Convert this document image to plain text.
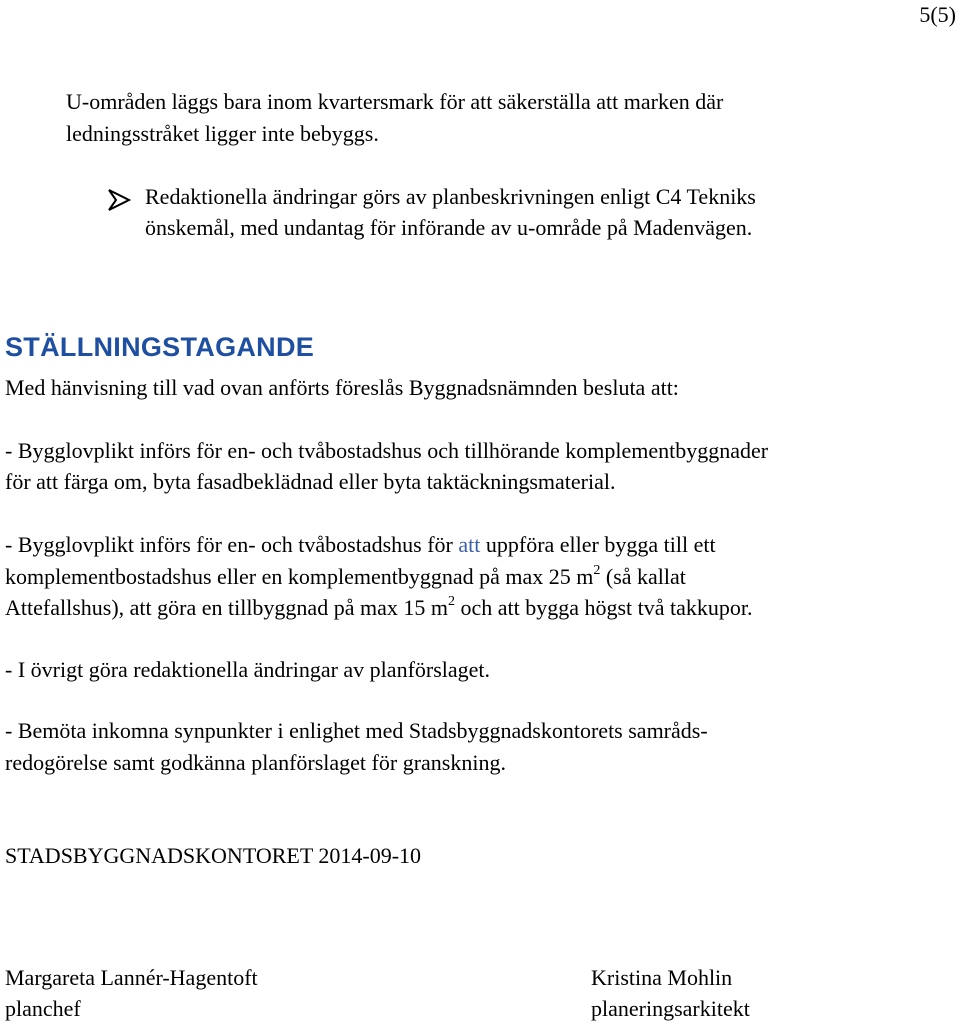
5(5)
U-områden läggs bara inom kvartersmark för att säkerställa att marken där
ledningsstråket ligger inte bebyggs.
Redaktionella ändringar görs av planbeskrivningen enligt C4 Tekniks
önskemål, med undantag för införande av u-område på Madenvägen.
STÄLLNINGSTAGANDE
Med hänvisning till vad ovan anförts föreslås Byggnadsnämnden besluta att:
- Bygglovplikt införs för en- och tvåbostadshus och tillhörande komplementbyggnader
för att färga om, byta fasadbeklädnad eller byta taktäckningsmaterial.
- Bygglovplikt införs för en- och tvåbostadshus för att uppföra eller bygga till ett
komplementbostadshus eller en komplementbyggnad på max 25 $m^2$ (så kallat
Attefallshus), att göra en tillbyggnad på max 15 $m^2$ och att bygga högst två takkupor.
- I övrigt göra redaktionella ändringar av planförslaget.
- Bemöta inkomna synpunkter i enlighet med Stadsbyggnadskontorets samråds-
redogörelse samt godkänna planförslaget för granskning.
STADSBYGGNADSKONTORET 2014-09-10
Margareta Lannér-Hagentoft
planchef
Kristina Mohlin
planeringsarkitekt
